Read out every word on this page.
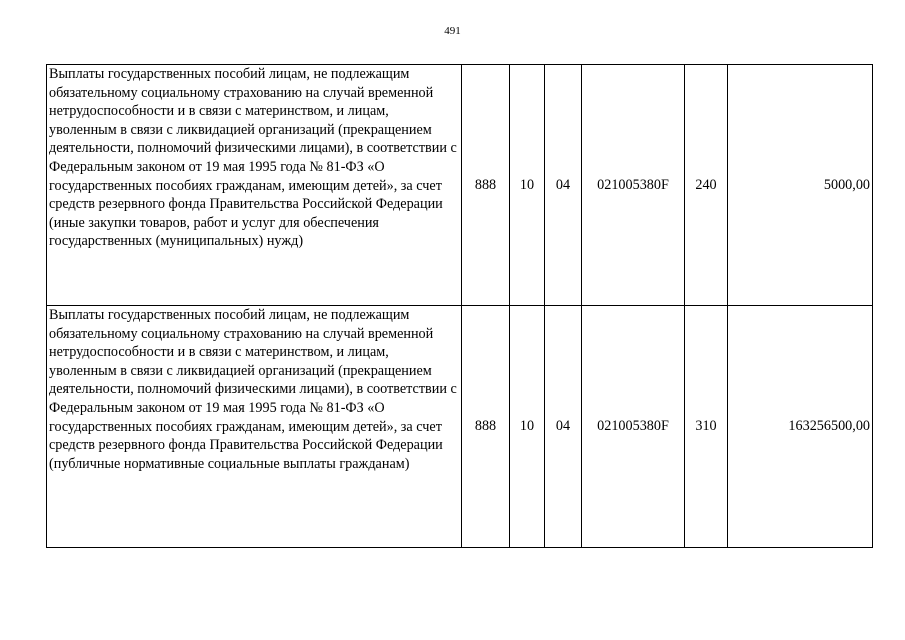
491
Выплаты государственных пособий лицам, не подлежащим обязательному социальному страхованию на случай временной нетрудоспособности и в связи с материнством, и лицам, уволенным в связи с ликвидацией организаций (прекращением деятельности, полномочий физическими лицами), в соответствии с Федеральным законом от 19 мая 1995 года № 81-ФЗ «О государственных пособиях гражданам, имеющим детей», за счет средств резервного фонда Правительства Российской Федерации (иные закупки товаров, работ и услуг для обеспечения государственных (муниципальных) нужд)	888	10	04	021005380F	240	5000,00
Выплаты государственных пособий лицам, не подлежащим обязательному социальному страхованию на случай временной нетрудоспособности и в связи с материнством, и лицам, уволенным в связи с ликвидацией организаций (прекращением деятельности, полномочий физическими лицами), в соответствии с Федеральным законом от 19 мая 1995 года № 81-ФЗ «О государственных пособиях гражданам, имеющим детей», за счет средств резервного фонда Правительства Российской Федерации (публичные нормативные социальные выплаты гражданам)	888	10	04	021005380F	310	163256500,00
